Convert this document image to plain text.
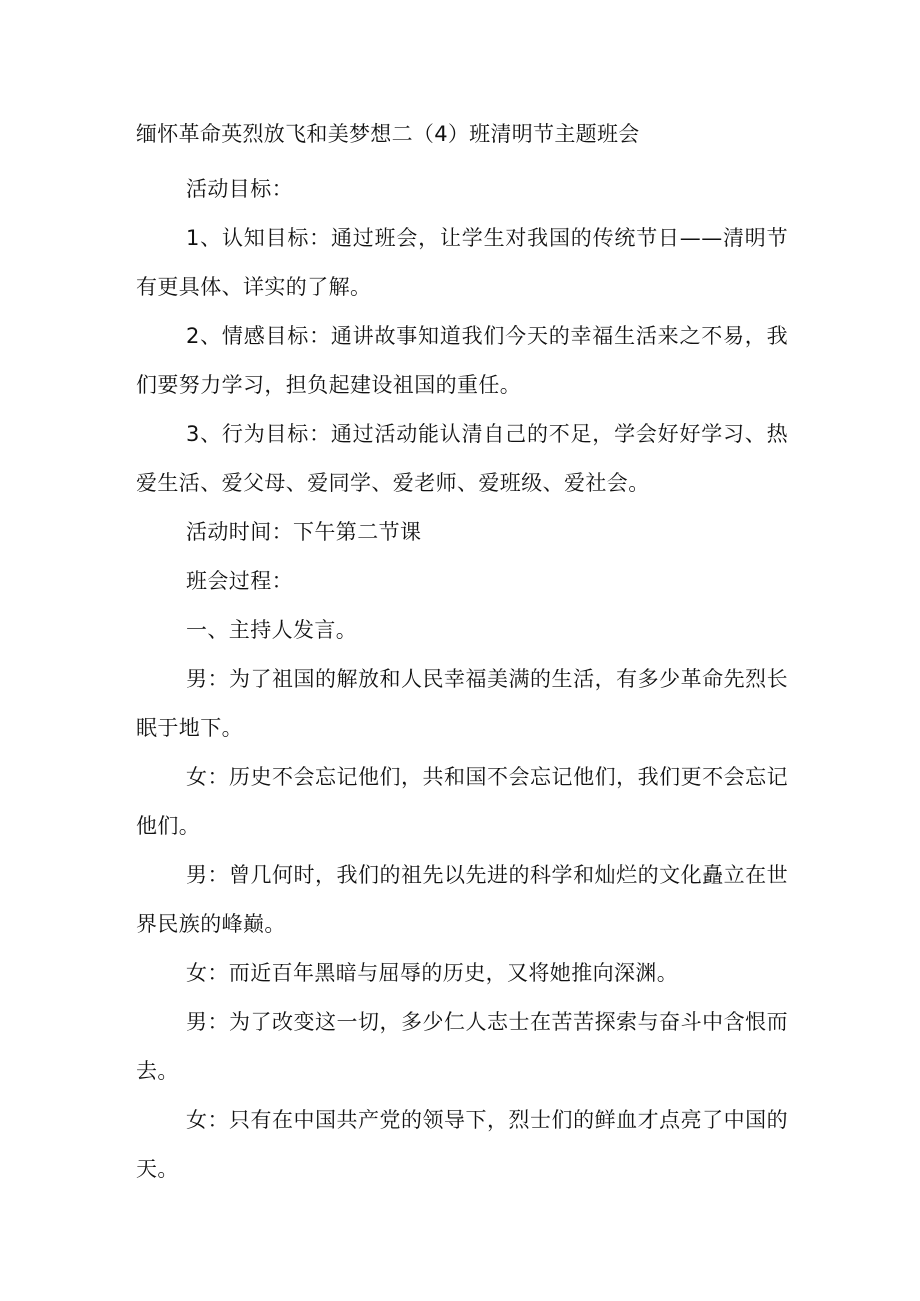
缅怀革命英烈放飞和美梦想二（4）班清明节主题班会

活动目标：

1、认知目标：通过班会，让学生对我国的传统节日——清明节有更具体、详实的了解。

2、情感目标：通讲故事知道我们今天的幸福生活来之不易，我们要努力学习，担负起建设祖国的重任。

3、行为目标：通过活动能认清自己的不足，学会好好学习、热爱生活、爱父母、爱同学、爱老师、爱班级、爱社会。

活动时间：下午第二节课

班会过程：

一、主持人发言。

男：为了祖国的解放和人民幸福美满的生活，有多少革命先烈长眠于地下。

女：历史不会忘记他们，共和国不会忘记他们，我们更不会忘记他们。

男：曾几何时，我们的祖先以先进的科学和灿烂的文化矗立在世界民族的峰巅。

女：而近百年黑暗与屈辱的历史，又将她推向深渊。

男：为了改变这一切，多少仁人志士在苦苦探索与奋斗中含恨而去。

女：只有在中国共产党的领导下，烈士们的鲜血才点亮了中国的天。
